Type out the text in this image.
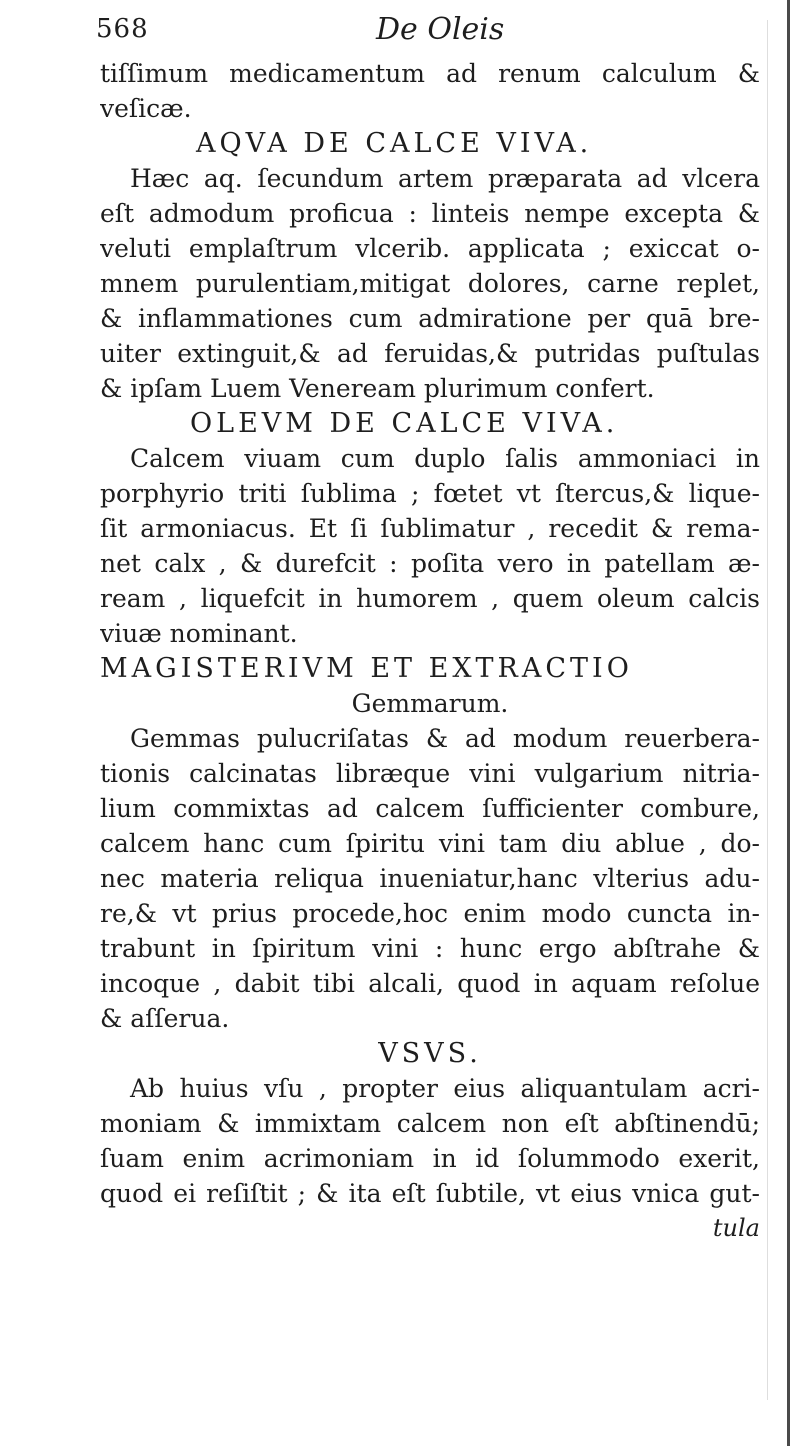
568	De Oleis
tiſſimum medicamentum ad renum calculum &
veſicæ.
AQVA DE CALCE VIVA.
Hæc aq. ſecundum artem præparata ad vlcera
eſt admodum proficua : linteis nempe excepta &
veluti emplaſtrum vlcerib. applicata ; exiccat o-
mnem purulentiam,mitigat dolores, carne replet,
& inflammationes cum admiratione per quā bre-
uiter extinguit,& ad feruidas,& putridas puſtulas
& ipſam Luem Veneream plurimum confert.
OLEVM DE CALCE VIVA.
Calcem viuam cum duplo ſalis ammoniaci in
porphyrio triti ſublima ; fœtet vt ſtercus,& lique-
ſit armoniacus. Et ſi ſublimatur , recedit & rema-
net calx , & durefcit : poſita vero in patellam æ-
ream , liquefcit in humorem , quem oleum calcis
viuæ nominant.
MAGISTERIVM ET EXTRACTIO
Gemmarum.
Gemmas pulucriſatas & ad modum reuerbera-
tionis calcinatas libræque vini vulgarium nitria-
lium commixtas ad calcem ſufficienter combure,
calcem hanc cum ſpiritu vini tam diu ablue , do-
nec materia reliqua inueniatur,hanc vlterius adu-
re,& vt prius procede,hoc enim modo cuncta in-
trabunt in ſpiritum vini : hunc ergo abſtrahe &
incoque , dabit tibi alcali, quod in aquam reſolue
& aſſerua.
VSVS.
Ab huius vſu , propter eius aliquantulam acri-
moniam & immixtam calcem non eſt abſtinendū;
ſuam enim acrimoniam in id ſolummodo exerit,
quod ei reſiſtit ; & ita eſt ſubtile, vt eius vnica gut-
tula
